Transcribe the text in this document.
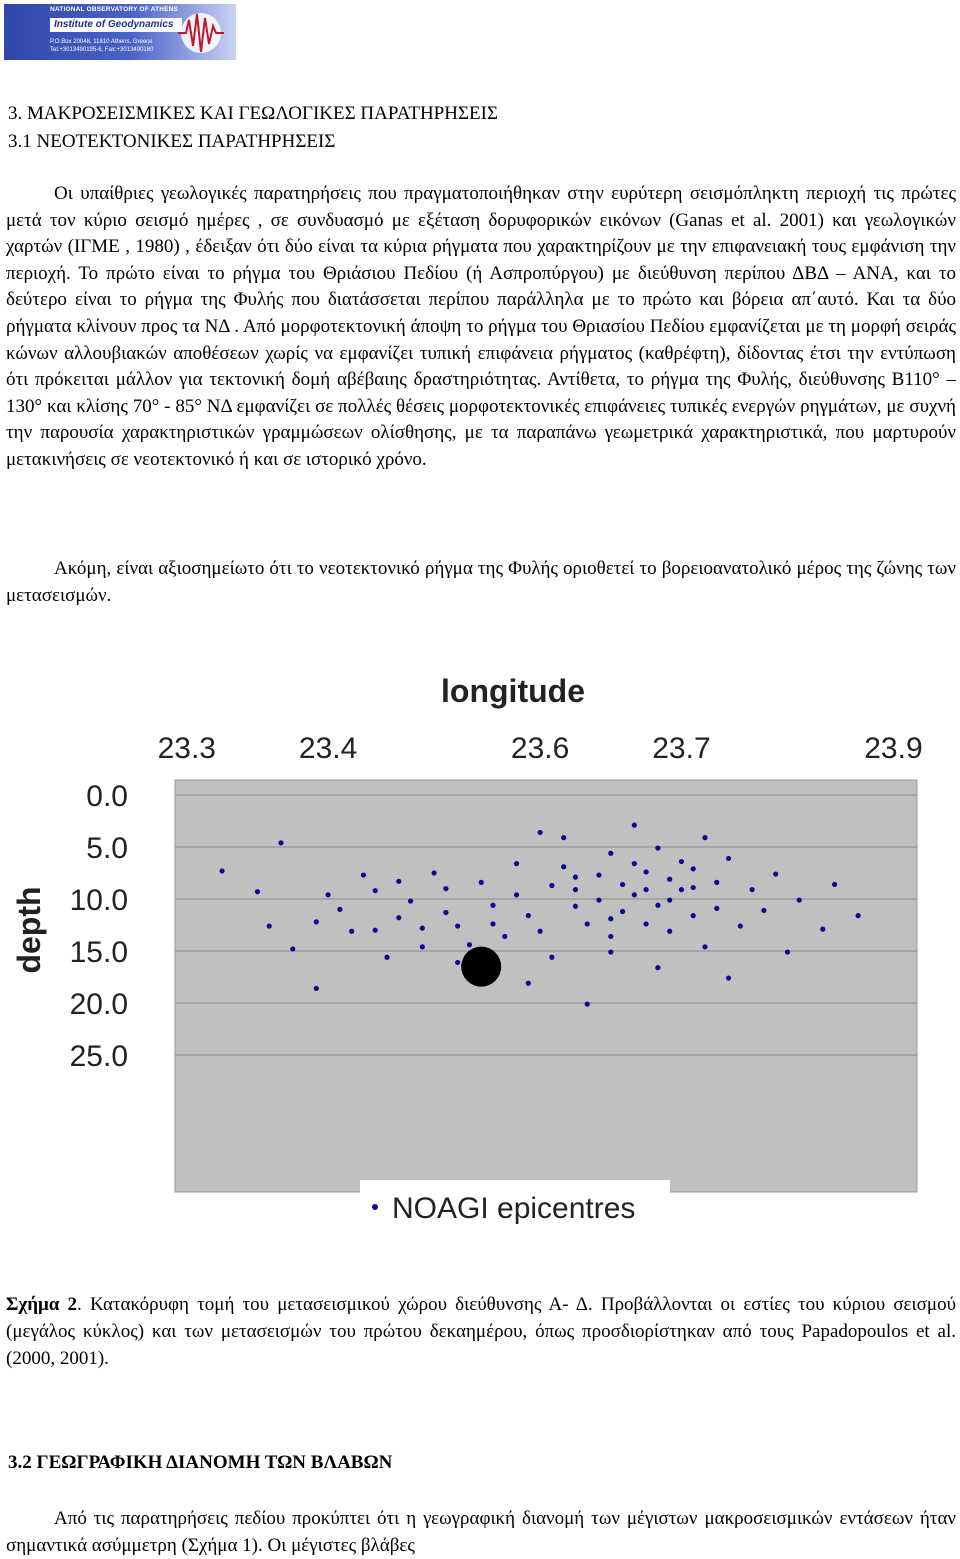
NATIONAL OBSERVATORY OF ATHENS
Institute of Geodynamics
P.O.Box 20048, 11810 Athens, Greece
Tel:+3013490195-6, Fax:+3013490180
3. ΜΑΚΡΟΣΕΙΣΜΙΚΕΣ ΚΑΙ ΓΕΩΛΟΓΙΚΕΣ ΠΑΡΑΤΗΡΗΣΕΙΣ
3.1 ΝΕΟΤΕΚΤΟΝΙΚΕΣ ΠΑΡΑΤΗΡΗΣΕΙΣ
Οι υπαίθριες γεωλογικές παρατηρήσεις που πραγματοποιήθηκαν στην ευρύτερη σεισμόπληκτη περιοχή τις πρώτες μετά τον κύριο σεισμό ημέρες , σε συνδυασμό με εξέταση δορυφορικών εικόνων (Ganas et al. 2001) και γεωλογικών χαρτών (ΙΓΜΕ , 1980) , έδειξαν ότι δύο είναι τα κύρια ρήγματα που χαρακτηρίζουν με την επιφανειακή τους εμφάνιση την περιοχή. Το πρώτο είναι το ρήγμα του Θριάσιου Πεδίου (ή Ασπροπύργου) με διεύθυνση περίπου ΔΒΔ – ΑΝΑ, και το δεύτερο είναι το ρήγμα της Φυλής που διατάσσεται περίπου παράλληλα με το πρώτο και βόρεια απ΄αυτό. Και τα δύο ρήγματα κλίνουν προς τα ΝΔ . Από μορφοτεκτονική άποψη το ρήγμα του Θριασίου Πεδίου εμφανίζεται με τη μορφή σειράς κώνων αλλουβιακών αποθέσεων χωρίς να εμφανίζει τυπική επιφάνεια ρήγματος (καθρέφτη), δίδοντας έτσι την εντύπωση ότι πρόκειται μάλλον για τεκτονική δομή αβέβαιης δραστηριότητας. Αντίθετα, το ρήγμα της Φυλής, διεύθυνσης Β110° – 130° και κλίσης 70° - 85° ΝΔ εμφανίζει σε πολλές θέσεις μορφοτεκτονικές επιφάνειες τυπικές ενεργών ρηγμάτων, με συχνή την παρουσία χαρακτηριστικών γραμμώσεων ολίσθησης, με τα παραπάνω γεωμετρικά χαρακτηριστικά, που μαρτυρούν μετακινήσεις σε νεοτεκτονικό ή και σε ιστορικό χρόνο.
Ακόμη, είναι αξιοσημείωτο ότι το νεοτεκτονικό ρήγμα της Φυλής οριοθετεί το βορειοανατολικό μέρος της ζώνης των μετασεισμών.
longitude
23.3	23.4	23.6	23.7	23.9
depth
0.0
5.0
10.0
15.0
20.0
25.0
NOAGI epicentres
Σχήμα 2. Κατακόρυφη τομή του μετασεισμικού χώρου διεύθυνσης Α- Δ. Προβάλλονται οι εστίες του κύριου σεισμού (μεγάλος κύκλος) και των μετασεισμών του πρώτου δεκαημέρου, όπως προσδιορίστηκαν από τους Papadopoulos et al. (2000, 2001).
3.2 ΓΕΩΓΡΑΦΙΚΗ ΔΙΑΝΟΜΗ ΤΩΝ ΒΛΑΒΩΝ
Από τις παρατηρήσεις πεδίου προκύπτει ότι η γεωγραφική διανομή των μέγιστων μακροσεισμικών εντάσεων ήταν σημαντικά ασύμμετρη (Σχήμα 1). Οι μέγιστες βλάβες
